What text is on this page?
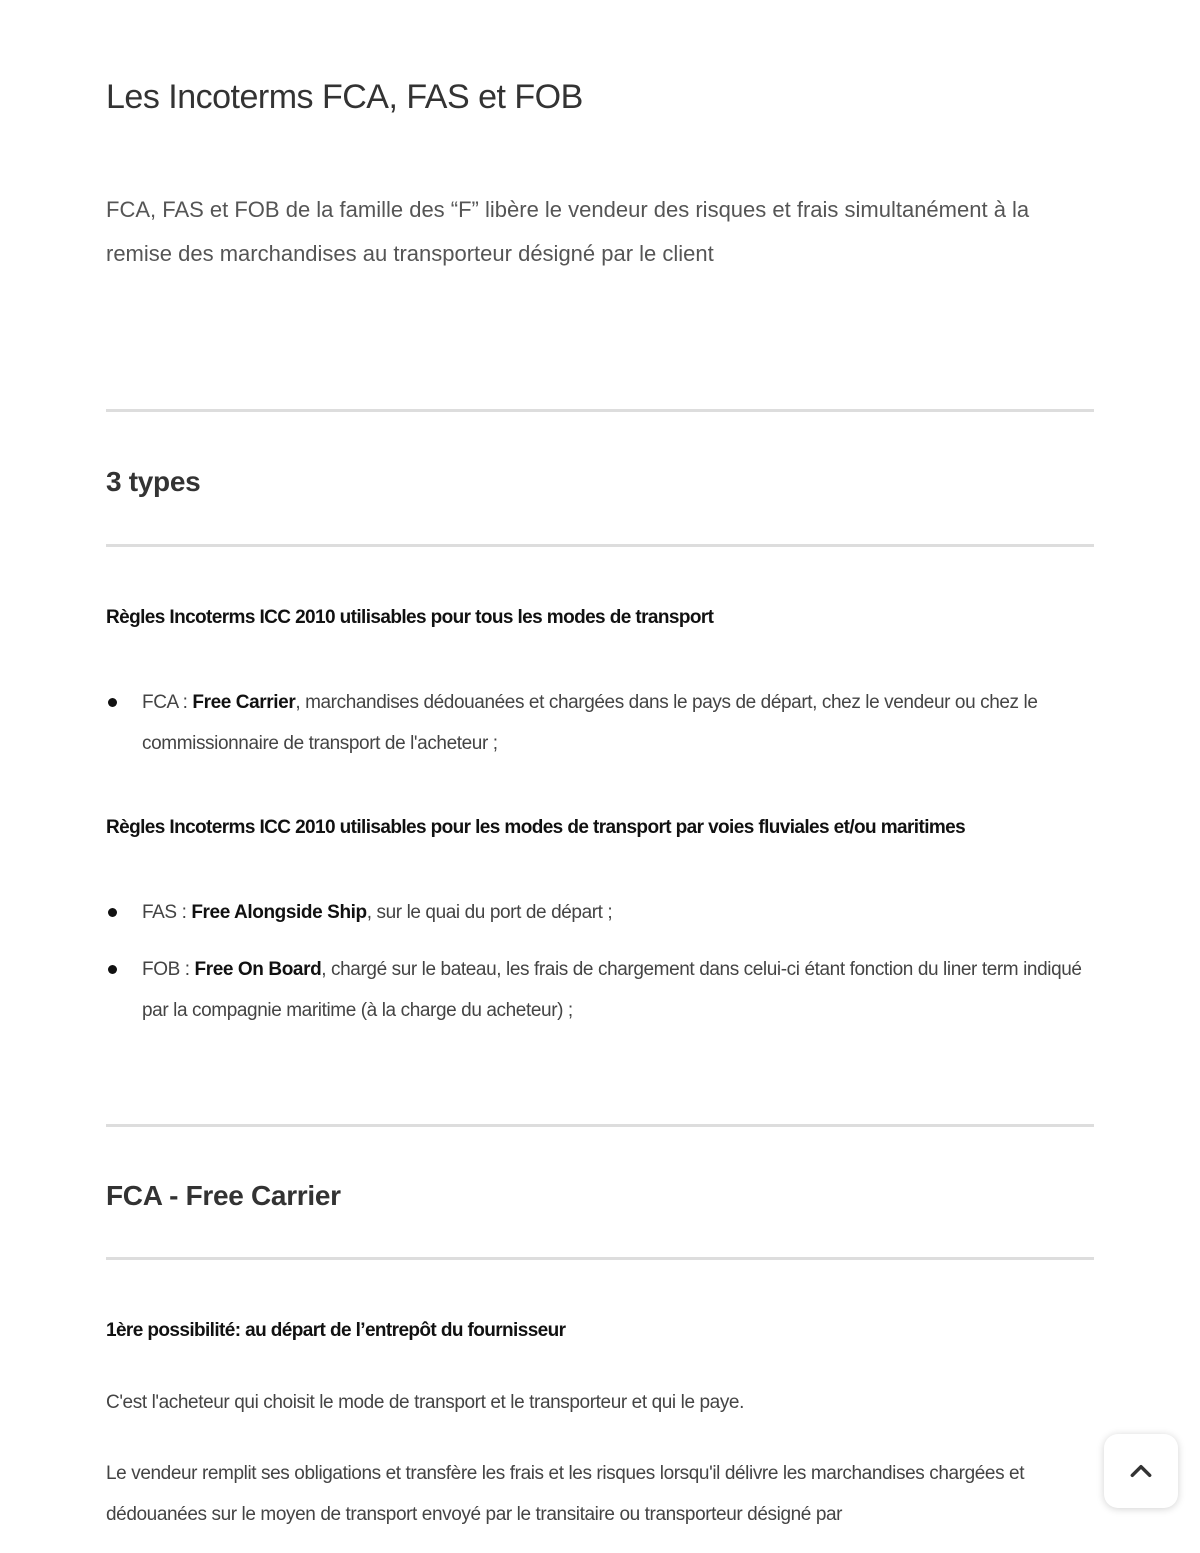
Les Incoterms FCA, FAS et FOB

FCA, FAS et FOB de la famille des “F” libère le vendeur des risques et frais simultanément à la remise des marchandises au transporteur désigné par le client

3 types
Règles Incoterms ICC 2010 utilisables pour tous les modes de transport
FCA : Free Carrier, marchandises dédouanées et chargées dans le pays de départ, chez le vendeur ou chez le commissionnaire de transport de l'acheteur ;
Règles Incoterms ICC 2010 utilisables pour les modes de transport par voies fluviales et/ou maritimes
FAS : Free Alongside Ship, sur le quai du port de départ ;
FOB : Free On Board, chargé sur le bateau, les frais de chargement dans celui-ci étant fonction du liner term indiqué par la compagnie maritime (à la charge du acheteur) ;
FCA - Free Carrier
1ère possibilité: au départ de l’entrepôt du fournisseur

C'est l'acheteur qui choisit le mode de transport et le transporteur et qui le paye.

Le vendeur remplit ses obligations et transfère les frais et les risques lorsqu'il délivre les marchandises chargées et dédouanées sur le moyen de transport envoyé par le transitaire ou transporteur désigné par
